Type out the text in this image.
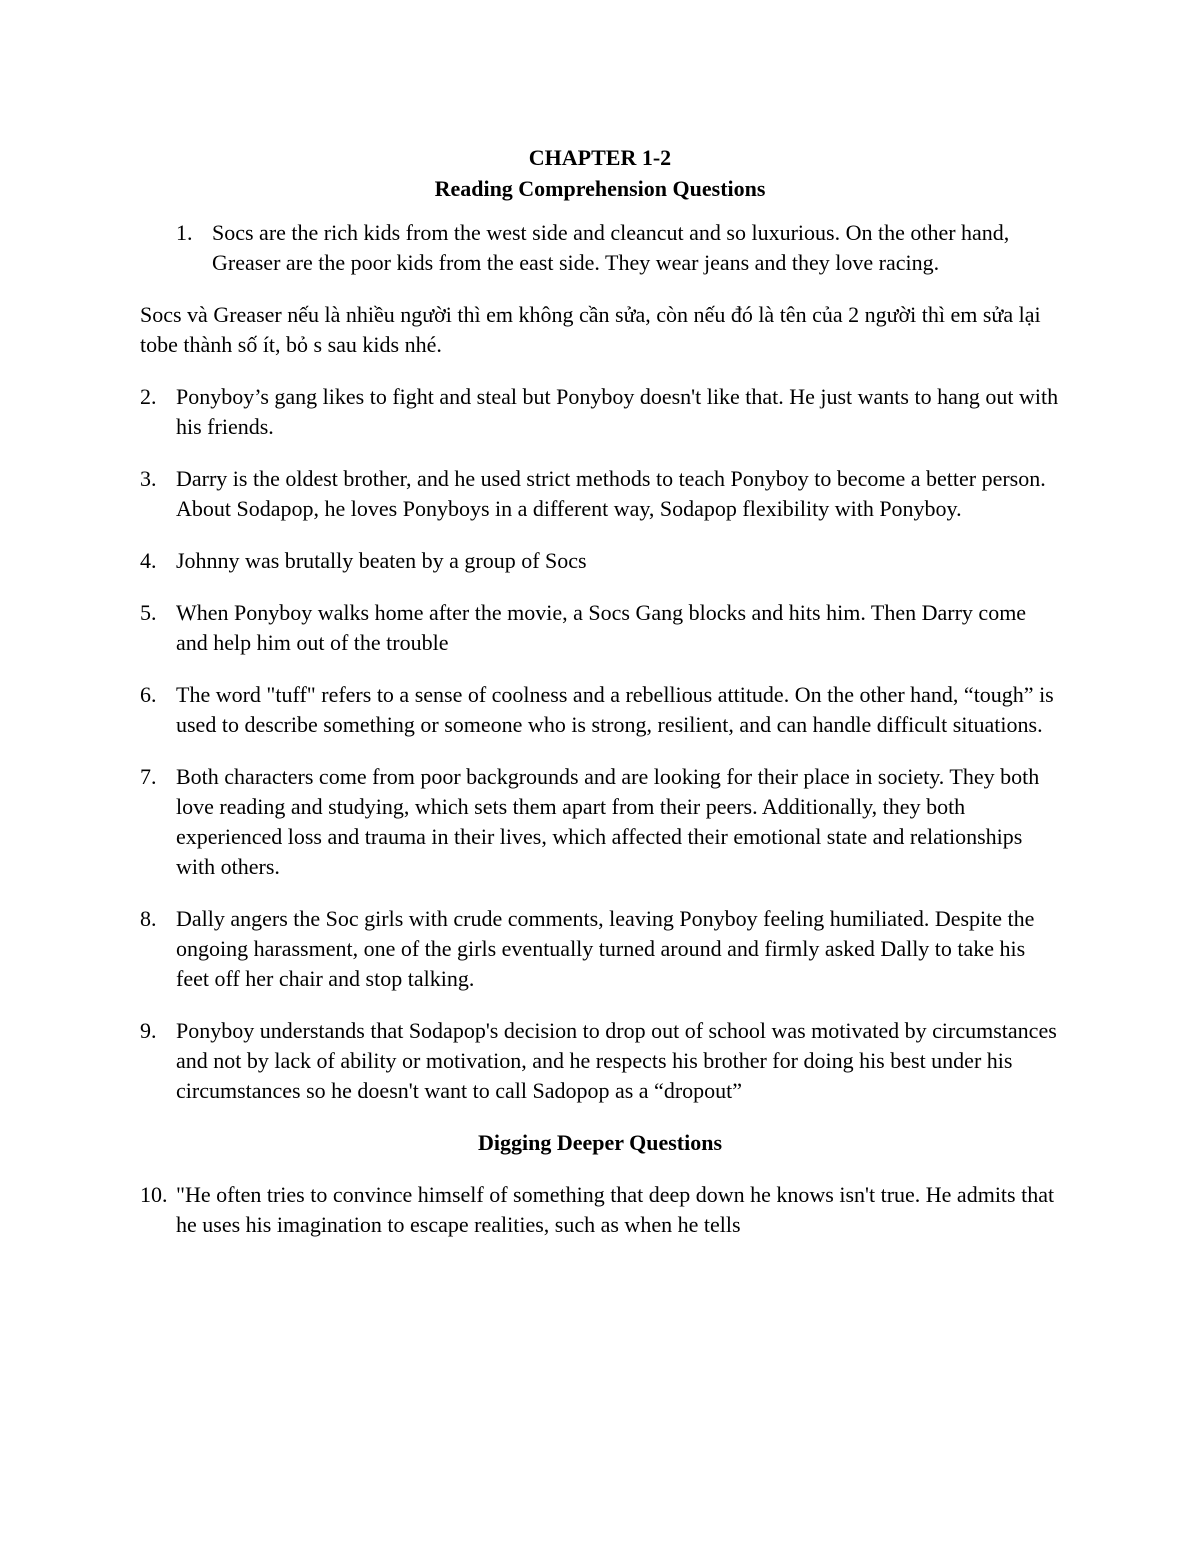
CHAPTER 1-2

Reading Comprehension Questions

1. Socs are the rich kids from the west side and cleancut and so luxurious. On the other hand, Greaser are the poor kids from the east side. They wear jeans and they love racing.

Socs và Greaser nếu là nhiều người thì em không cần sửa, còn nếu đó là tên của 2 người thì em sửa lại tobe thành số ít, bỏ s sau kids nhé.

2. Ponyboy’s gang likes to fight and steal but Ponyboy doesn't like that. He just wants to hang out with his friends.

3. Darry is the oldest brother, and he used strict methods to teach Ponyboy to become a better person. About Sodapop, he loves Ponyboys in a different way, Sodapop flexibility with Ponyboy.

4. Johnny was brutally beaten by a group of Socs

5. When Ponyboy walks home after the movie, a Socs Gang blocks and hits him. Then Darry come and help him out of the trouble

6. The word "tuff" refers to a sense of coolness and a rebellious attitude. On the other hand, “tough” is used to describe something or someone who is strong, resilient, and can handle difficult situations.

7. Both characters come from poor backgrounds and are looking for their place in society. They both love reading and studying, which sets them apart from their peers. Additionally, they both experienced loss and trauma in their lives, which affected their emotional state and relationships with others.

8. Dally angers the Soc girls with crude comments, leaving Ponyboy feeling humiliated. Despite the ongoing harassment, one of the girls eventually turned around and firmly asked Dally to take his feet off her chair and stop talking.

9. Ponyboy understands that Sodapop's decision to drop out of school was motivated by circumstances and not by lack of ability or motivation, and he respects his brother for doing his best under his circumstances so he doesn't want to call Sadopop as a “dropout”

Digging Deeper Questions

10. "He often tries to convince himself of something that deep down he knows isn't true. He admits that he uses his imagination to escape realities, such as when he tells
